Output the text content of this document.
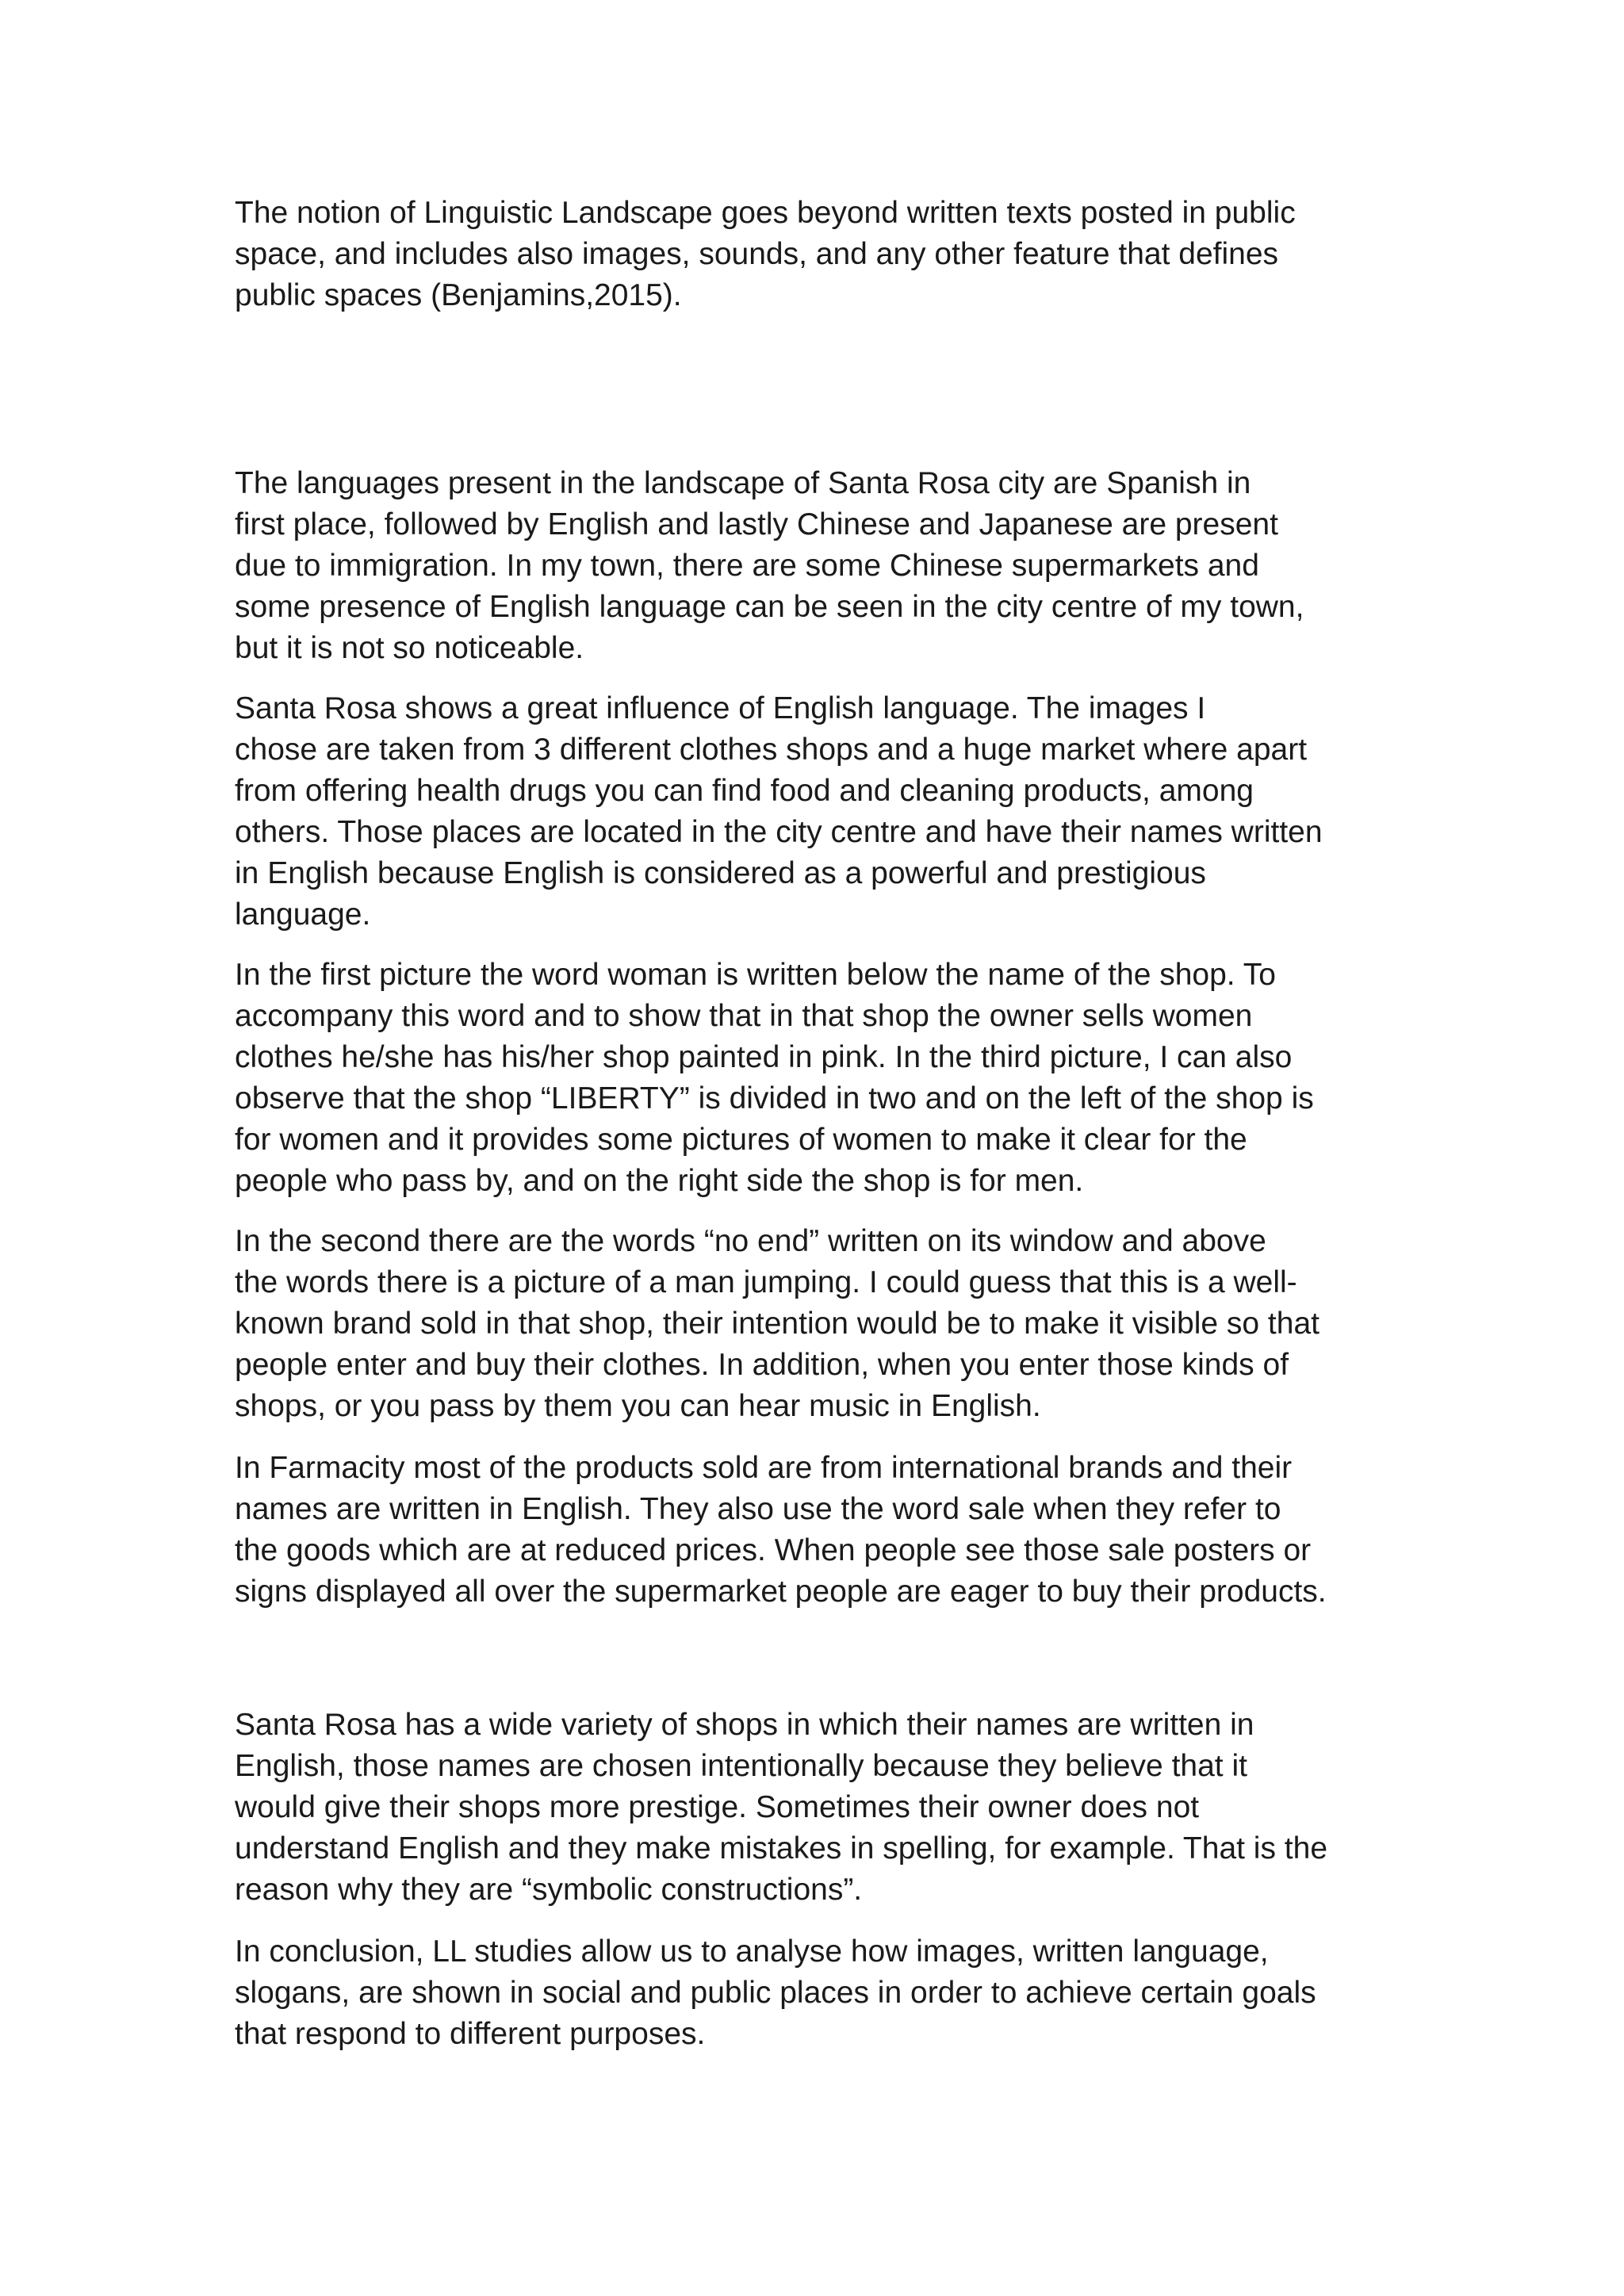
The notion of Linguistic Landscape goes beyond written texts posted in public
space, and includes also images, sounds, and any other feature that defines
public spaces (Benjamins,2015).

The languages present in the landscape of Santa Rosa city are Spanish in
first place, followed by English and lastly Chinese and Japanese are present
due to immigration. In my town, there are some Chinese supermarkets and
some presence of English language can be seen in the city centre of my town,
but it is not so noticeable.

Santa Rosa shows a great influence of English language. The images I
chose are taken from 3 different clothes shops and a huge market where apart
from offering health drugs you can find food and cleaning products, among
others. Those places are located in the city centre and have their names written
in English because English is considered as a powerful and prestigious
language.

In the first picture the word woman is written below the name of the shop. To
accompany this word and to show that in that shop the owner sells women
clothes he/she has his/her shop painted in pink. In the third picture, I can also
observe that the shop “LIBERTY” is divided in two and on the left of the shop is
for women and it provides some pictures of women to make it clear for the
people who pass by, and on the right side the shop is for men.

In the second there are the words “no end” written on its window and above
the words there is a picture of a man jumping. I could guess that this is a well-
known brand sold in that shop, their intention would be to make it visible so that
people enter and buy their clothes. In addition, when you enter those kinds of
shops, or you pass by them you can hear music in English.

In Farmacity most of the products sold are from international brands and their
names are written in English. They also use the word sale when they refer to
the goods which are at reduced prices. When people see those sale posters or
signs displayed all over the supermarket people are eager to buy their products.

Santa Rosa has a wide variety of shops in which their names are written in
English, those names are chosen intentionally because they believe that it
would give their shops more prestige. Sometimes their owner does not
understand English and they make mistakes in spelling, for example. That is the
reason why they are “symbolic constructions”.

In conclusion, LL studies allow us to analyse how images, written language,
slogans, are shown in social and public places in order to achieve certain goals
that respond to different purposes.
